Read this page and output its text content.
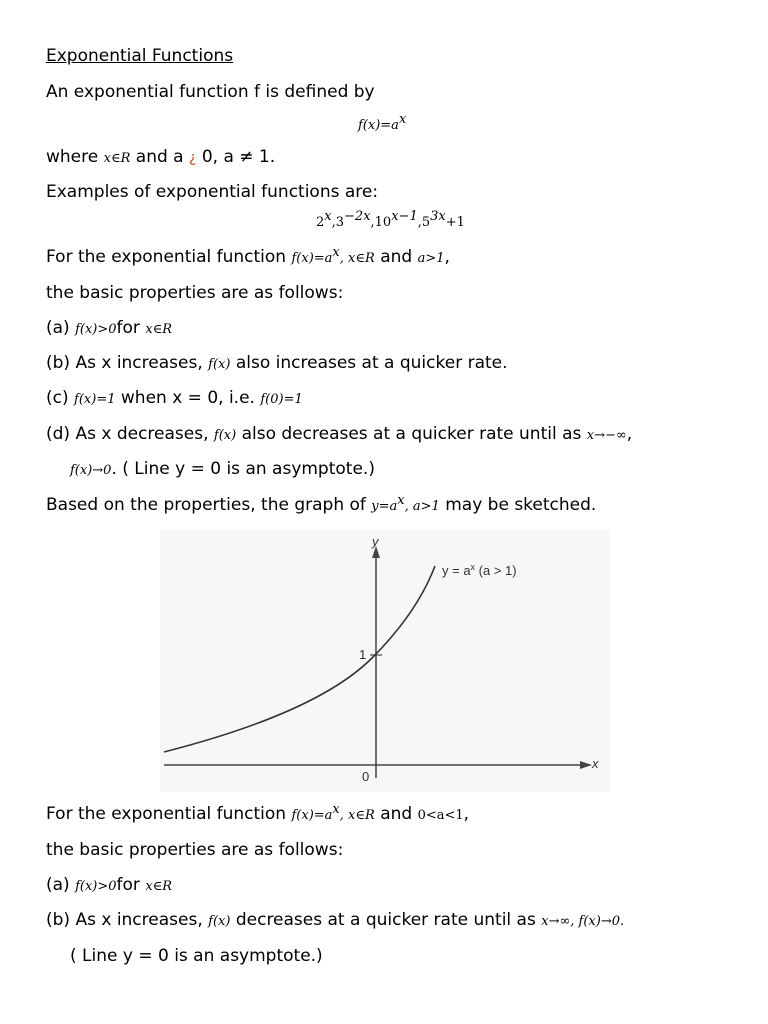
Exponential Functions
An exponential function f is defined by
$f(x)=a^x$
where x∈R and a ¿ 0, a ≠ 1.
Examples of exponential functions are:
$2^x,3^{-2x},10^{x-1},5^{3x}+1$
For the exponential function $f(x)=a^x$, x∈R and a>1,
the basic properties are as follows:
(a) f(x)>0for x∈R
(b) As x increases, f(x) also increases at a quicker rate.
(c) f(x)=1 when x = 0, i.e. f(0)=1
(d) As x decreases, f(x) also decreases at a quicker rate until as x→−∞,
f(x)→0. ( Line y = 0 is an asymptote.)
Based on the properties, the graph of $y=a^x$, a>1 may be sketched.
y
x
0
1
$y = a^x$ (a > 1)
For the exponential function $f(x)=a^x$, x∈R and 0<a<1,
the basic properties are as follows:
(a) f(x)>0for x∈R
(b) As x increases, f(x) decreases at a quicker rate until as x→∞, f(x)→0.
( Line y = 0 is an asymptote.)
